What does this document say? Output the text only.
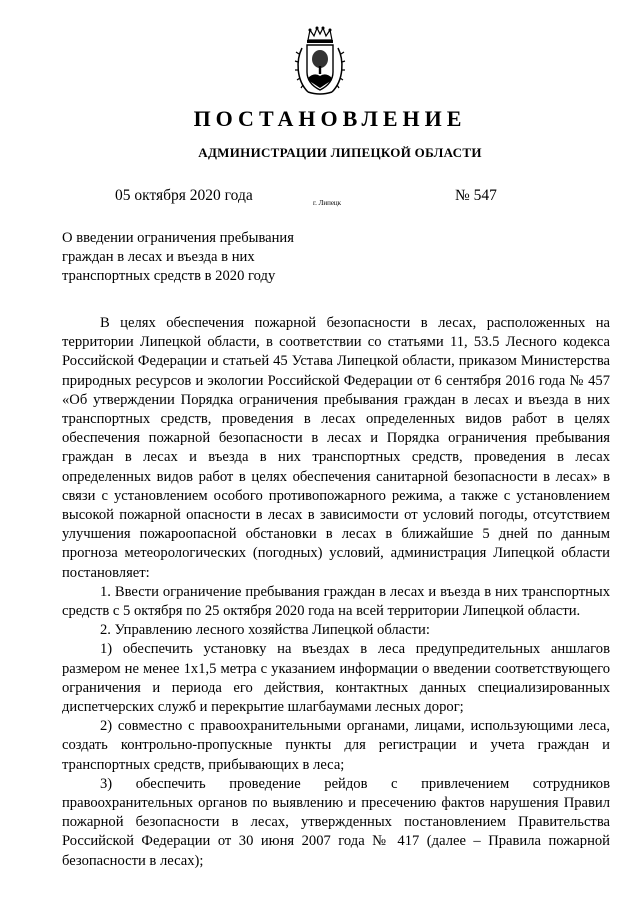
ПОСТАНОВЛЕНИЕ
АДМИНИСТРАЦИИ ЛИПЕЦКОЙ ОБЛАСТИ
05 октября 2020 года	г. Липецк	№ 547
О введении ограничения пребывания
граждан в лесах и въезда в них
транспортных средств в 2020 году

В целях обеспечения пожарной безопасности в лесах, расположенных на территории Липецкой области, в соответствии со статьями 11, 53.5 Лесного кодекса Российской Федерации и статьей 45 Устава Липецкой области, приказом Министерства природных ресурсов и экологии Российской Федерации от 6 сентября 2016 года № 457 «Об утверждении Порядка ограничения пребывания граждан в лесах и въезда в них транспортных средств, проведения в лесах определенных видов работ в целях обеспечения пожарной безопасности в лесах и Порядка ограничения пребывания граждан в лесах и въезда в них транспортных средств, проведения в лесах определенных видов работ в целях обеспечения санитарной безопасности в лесах» в связи с установлением особого противопожарного режима, а также с установлением высокой пожарной опасности в лесах в зависимости от условий погоды, отсутствием улучшения пожароопасной обстановки в лесах в ближайшие 5 дней по данным прогноза метеорологических (погодных) условий, администрация Липецкой области постановляет:

1. Ввести ограничение пребывания граждан в лесах и въезда в них транспортных средств с 5 октября по 25 октября 2020 года на всей территории Липецкой области.

2. Управлению лесного хозяйства Липецкой области:

1) обеспечить установку на въездах в леса предупредительных аншлагов размером не менее 1х1,5 метра с указанием информации о введении соответствующего ограничения и периода его действия, контактных данных специализированных диспетчерских служб и перекрытие шлагбаумами лесных дорог;

2) совместно с правоохранительными органами, лицами, использующими леса, создать контрольно-пропускные пункты для регистрации и учета граждан и транспортных средств, прибывающих в леса;

3) обеспечить проведение рейдов с привлечением сотрудников правоохранительных органов по выявлению и пресечению фактов нарушения Правил пожарной безопасности в лесах, утвержденных постановлением Правительства Российской Федерации от 30 июня 2007 года № 417 (далее – Правила пожарной безопасности в лесах);
